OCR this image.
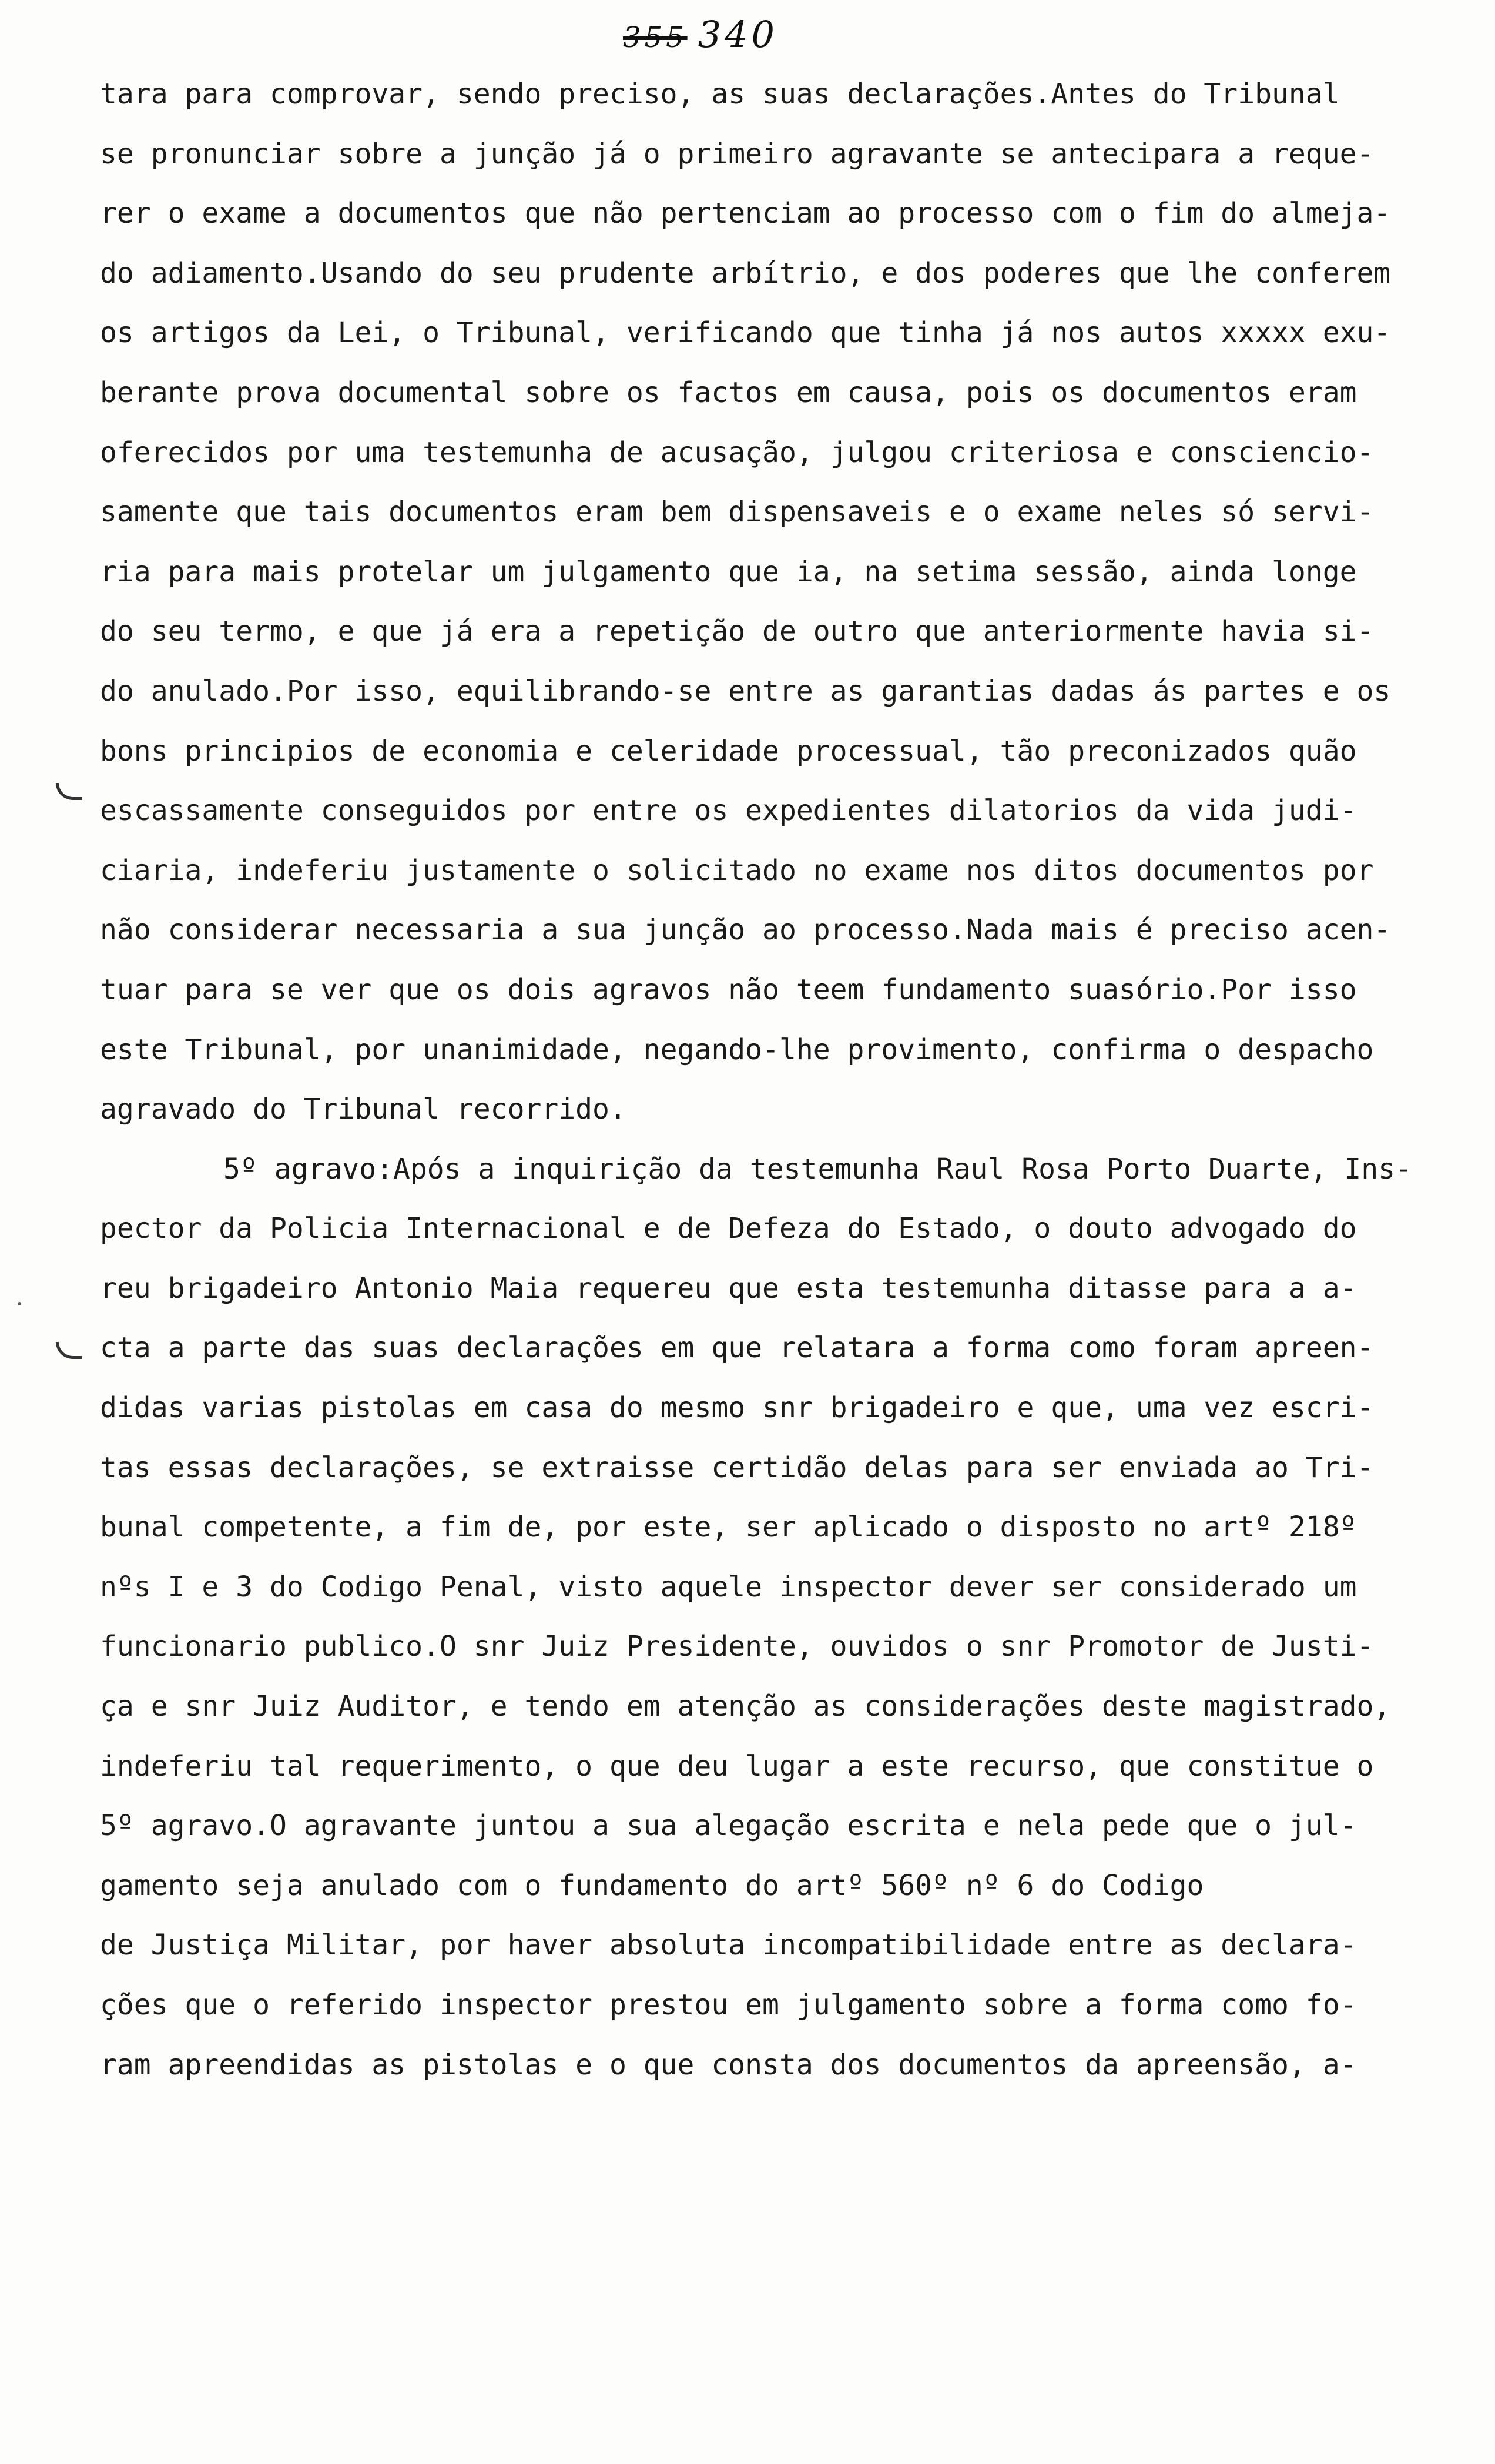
355 340
tara para comprovar, sendo preciso, as suas declarações.Antes do Tribunal
se pronunciar sobre a junção já o primeiro agravante se antecipara a reque-
rer o exame a documentos que não pertenciam ao processo com o fim do almeja-
do adiamento.Usando do seu prudente arbítrio, e dos poderes que lhe conferem
os artigos da Lei, o Tribunal, verificando que tinha já nos autos xxxxx exu-
berante prova documental sobre os factos em causa, pois os documentos eram
oferecidos por uma testemunha de acusação, julgou criteriosa e consciencio-
samente que tais documentos eram bem dispensaveis e o exame neles só servi-
ria para mais protelar um julgamento que ia, na setima sessão, ainda longe
do seu termo, e que já era a repetição de outro que anteriormente havia si-
do anulado.Por isso, equilibrando-se entre as garantias dadas ás partes e os
bons principios de economia e celeridade processual, tão preconizados quão
escassamente conseguidos por entre os expedientes dilatorios da vida judi-
ciaria, indeferiu justamente o solicitado no exame nos ditos documentos por
não considerar necessaria a sua junção ao processo.Nada mais é preciso acen-
tuar para se ver que os dois agravos não teem fundamento suasório.Por isso
este Tribunal, por unanimidade, negando-lhe provimento, confirma o despacho
agravado do Tribunal recorrido.
5º agravo:Após a inquirição da testemunha Raul Rosa Porto Duarte, Ins-
pector da Policia Internacional e de Defeza do Estado, o douto advogado do
reu brigadeiro Antonio Maia requereu que esta testemunha ditasse para a a-
cta a parte das suas declarações em que relatara a forma como foram apreen-
didas varias pistolas em casa do mesmo snr brigadeiro e que, uma vez escri-
tas essas declarações, se extraisse certidão delas para ser enviada ao Tri-
bunal competente, a fim de, por este, ser aplicado o disposto no artº 218º
nºs I e 3 do Codigo Penal, visto aquele inspector dever ser considerado um
funcionario publico.O snr Juiz Presidente, ouvidos o snr Promotor de Justi-
ça e snr Juiz Auditor, e tendo em atenção as considerações deste magistrado,
indeferiu tal requerimento, o que deu lugar a este recurso, que constitue o
5º agravo.O agravante juntou a sua alegação escrita e nela pede que o jul-
gamento seja anulado com o fundamento do artº 560º nº 6 do Codigo
de Justiça Militar, por haver absoluta incompatibilidade entre as declara-
ções que o referido inspector prestou em julgamento sobre a forma como fo-
ram apreendidas as pistolas e o que consta dos documentos da apreensão, a-
